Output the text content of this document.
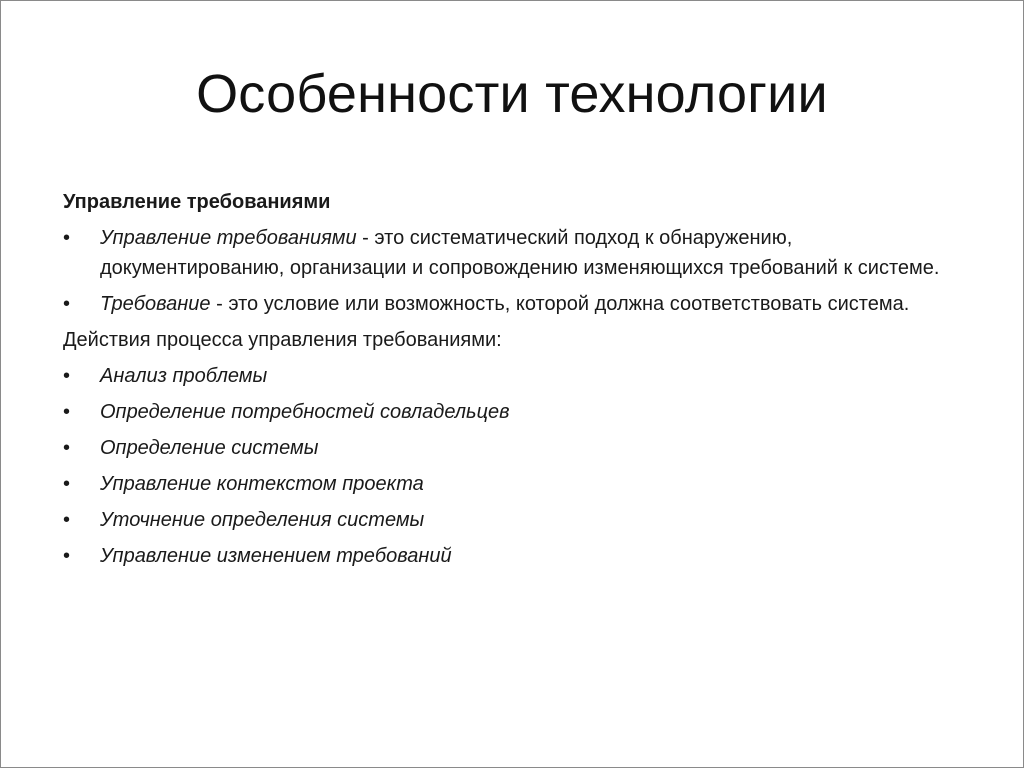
Особенности технологии
Управление требованиями
• Управление требованиями - это систематический подход к обнаружению, документированию, организации и сопровождению изменяющихся требований к системе.
• Требование - это условие или возможность, которой должна соответствовать система.
Действия процесса управления требованиями:
• Анализ проблемы
• Определение потребностей совладельцев
• Определение системы
• Управление контекстом проекта
• Уточнение определения системы
• Управление изменением требований
